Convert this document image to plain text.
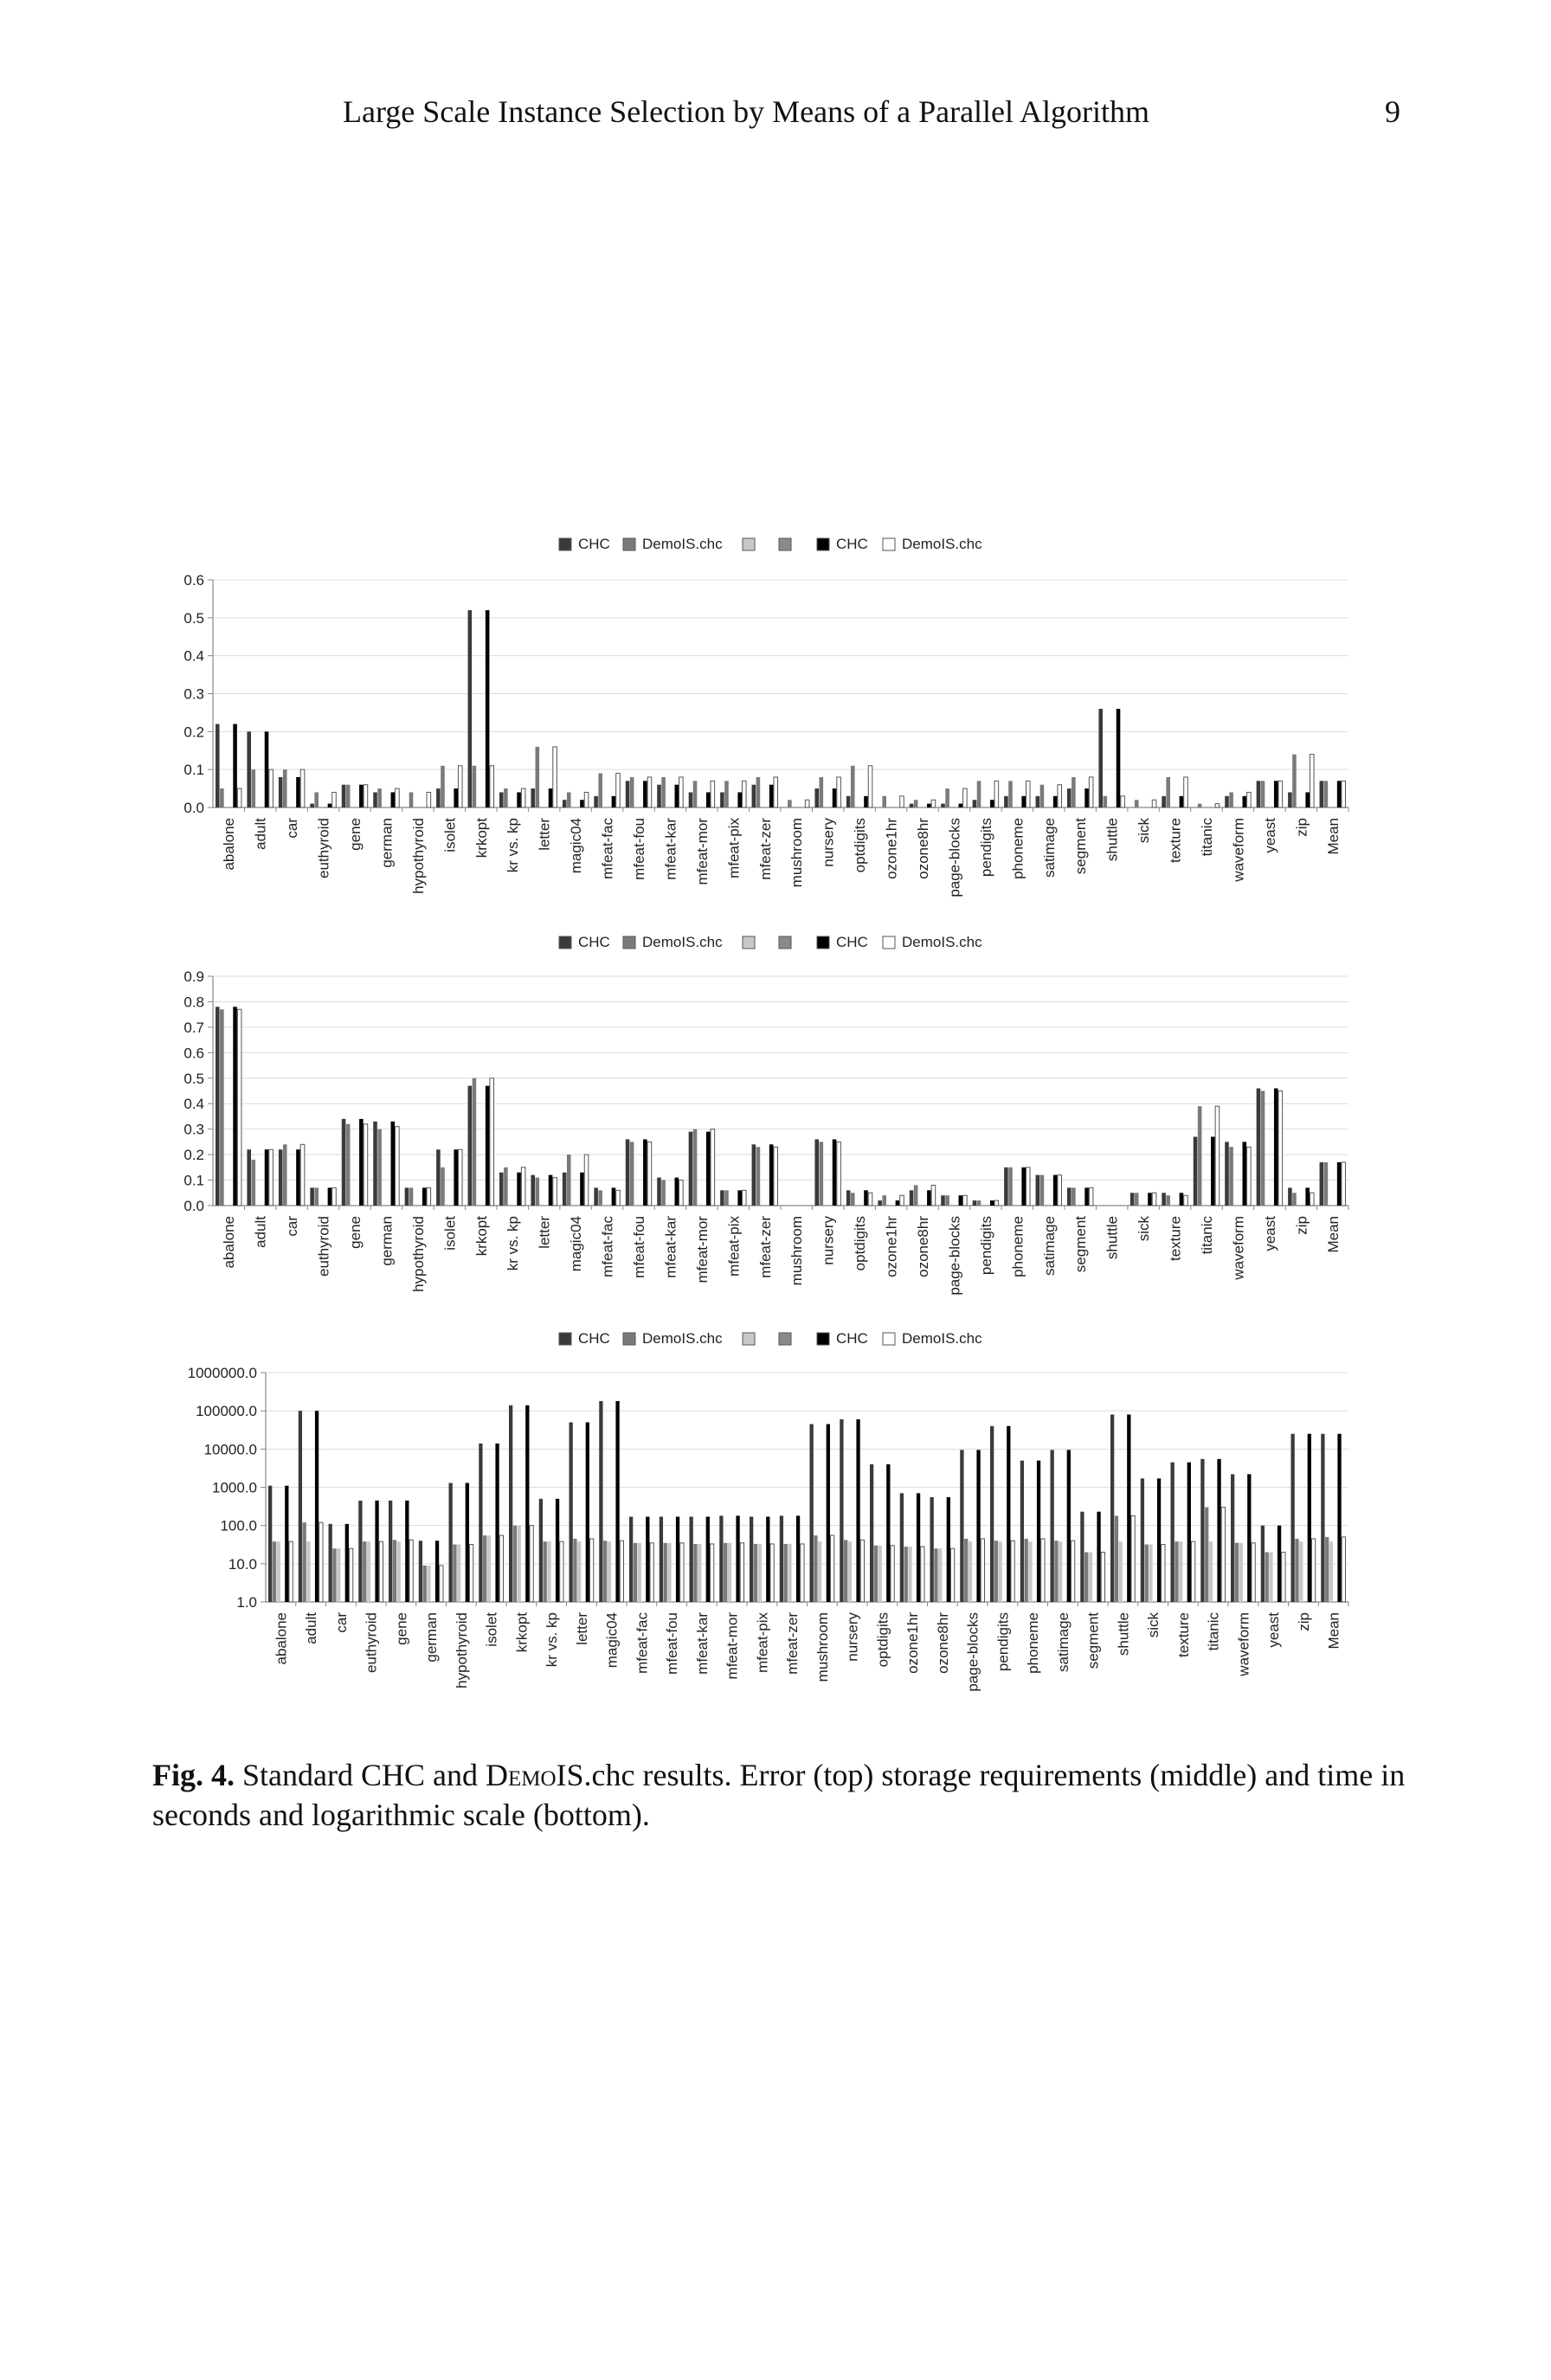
Large Scale Instance Selection by Means of a Parallel Algorithm	9
CHC DemoIS.chc	CHC DemoIS.chc
0.0
0.1
0.2
0.3
0.4
0.5
0.6
abalone adult car euthyroid gene german hypothyroid isolet krkopt kr vs. kp letter magic04 mfeat-fac mfeat-fou mfeat-kar mfeat-mor mfeat-pix mfeat-zer mushroom nursery optdigits ozone1hr ozone8hr page-blocks pendigits phoneme satimage segment shuttle sick texture titanic waveform yeast zip Mean
CHC DemoIS.chc	CHC DemoIS.chc
0.0
0.1
0.2
0.3
0.4
0.5
0.6
0.7
0.8
0.9
abalone adult car euthyroid gene german hypothyroid isolet krkopt kr vs. kp letter magic04 mfeat-fac mfeat-fou mfeat-kar mfeat-mor mfeat-pix mfeat-zer mushroom nursery optdigits ozone1hr ozone8hr page-blocks pendigits phoneme satimage segment shuttle sick texture titanic waveform yeast zip Mean
CHC DemoIS.chc	CHC DemoIS.chc
1.0
10.0
100.0
1000.0
10000.0
100000.0
1000000.0
abalone adult car euthyroid gene german hypothyroid isolet krkopt kr vs. kp letter magic04 mfeat-fac mfeat-fou mfeat-kar mfeat-mor mfeat-pix mfeat-zer mushroom nursery optdigits ozone1hr ozone8hr page-blocks pendigits phoneme satimage segment shuttle sick texture titanic waveform yeast zip Mean
Fig. 4. Standard CHC and DemoIS.chc results. Error (top) storage requirements (middle) and time in seconds and logarithmic scale (bottom).
